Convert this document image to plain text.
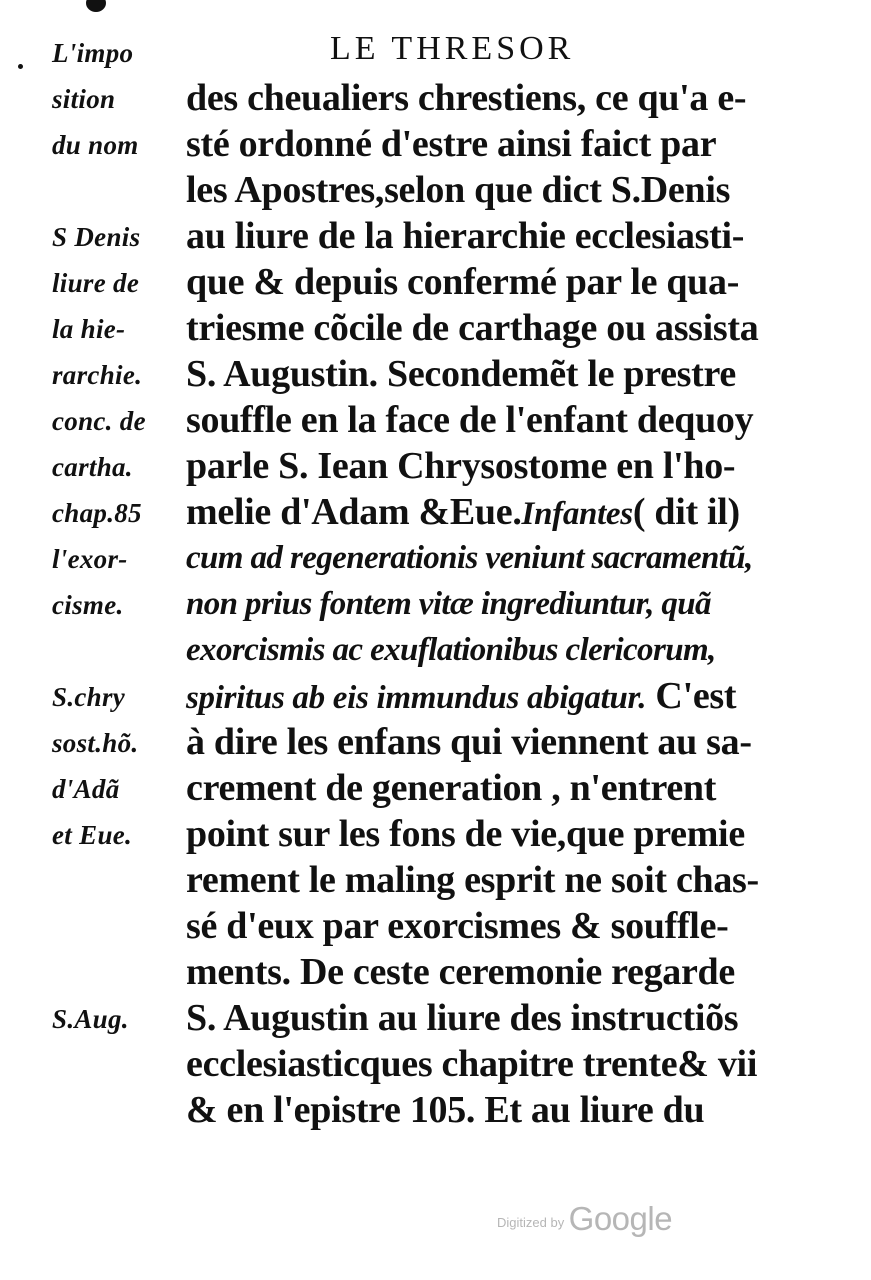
LE THRESOR
L'impo
sition
du nom
S Denis
liure de
la hie-
rarchie.
conc. de
cartha.
chap.85
l'exor-
cisme.
S.chry
sost.hõ.
d'Adã
et Eue.
S.Aug.
des cheualiers chrestiens, ce qu'a e-
sté ordonné d'estre ainsi faict par
les Apostres,selon que dict S.Denis
au liure de la hierarchie ecclesiasti-
que & depuis confermé par le qua-
triesme cõcile de carthage ou assista
S. Augustin. Secondemẽt le prestre
souffle en la face de l'enfant dequoy
parle S. Iean Chrysostome en l'ho-
melie d'Adam &Eue.Infantes( dit il)
cum ad regenerationis veniunt sacramentũ,
non prius fontem vitæ ingrediuntur, quã
exorcismis ac exuflationibus clericorum,
spiritus ab eis immundus abigatur. C'est
à dire les enfans qui viennent au sa-
crement de generation , n'entrent
point sur les fons de vie,que premie
rement le maling esprit ne soit chas-
sé d'eux par exorcismes & souffle-
ments. De ceste ceremonie regarde
S. Augustin au liure des instructiõs
ecclesiasticques chapitre trente& vii
& en l'epistre 105. Et au liure du
Digitized by Google
